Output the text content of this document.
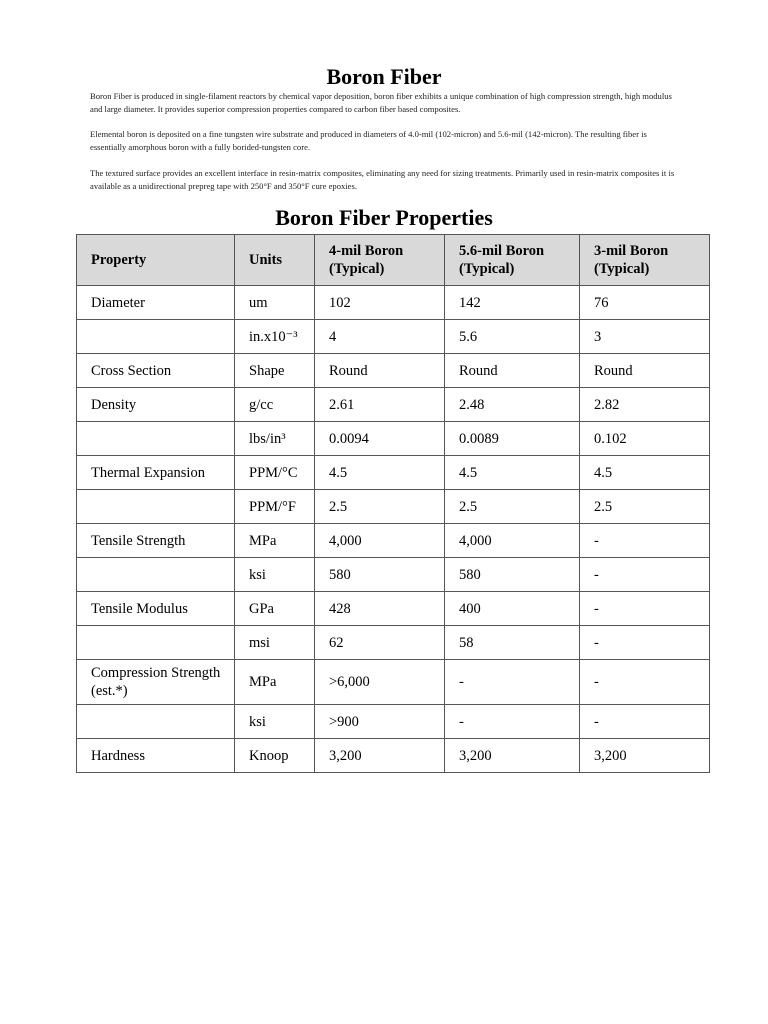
Boron Fiber

Boron Fiber is produced in single-filament reactors by chemical vapor deposition, boron fiber exhibits a unique combination of high compression strength, high modulus and large diameter. It provides superior compression properties compared to carbon fiber based composites.

Elemental boron is deposited on a fine tungsten wire substrate and produced in diameters of 4.0-mil (102-micron) and 5.6-mil (142-micron). The resulting fiber is essentially amorphous boron with a fully borided-tungsten core.

The textured surface provides an excellent interface in resin-matrix composites, eliminating any need for sizing treatments. Primarily used in resin-matrix composites it is available as a unidirectional prepreg tape with 250°F and 350°F cure epoxies.

Boron Fiber Properties
Property	Units	4-mil Boron (Typical)	5.6-mil Boron (Typical)	3-mil Boron (Typical)
Diameter	um	102	142	76
	in.x10⁻³	4	5.6	3
Cross Section	Shape	Round	Round	Round
Density	g/cc	2.61	2.48	2.82
	lbs/in³	0.0094	0.0089	0.102
Thermal Expansion	PPM/°C	4.5	4.5	4.5
	PPM/°F	2.5	2.5	2.5
Tensile Strength	MPa	4,000	4,000	-
	ksi	580	580	-
Tensile Modulus	GPa	428	400	-
	msi	62	58	-
Compression Strength (est.*)	MPa	>6,000	-	-
	ksi	>900	-	-
Hardness	Knoop	3,200	3,200	3,200
